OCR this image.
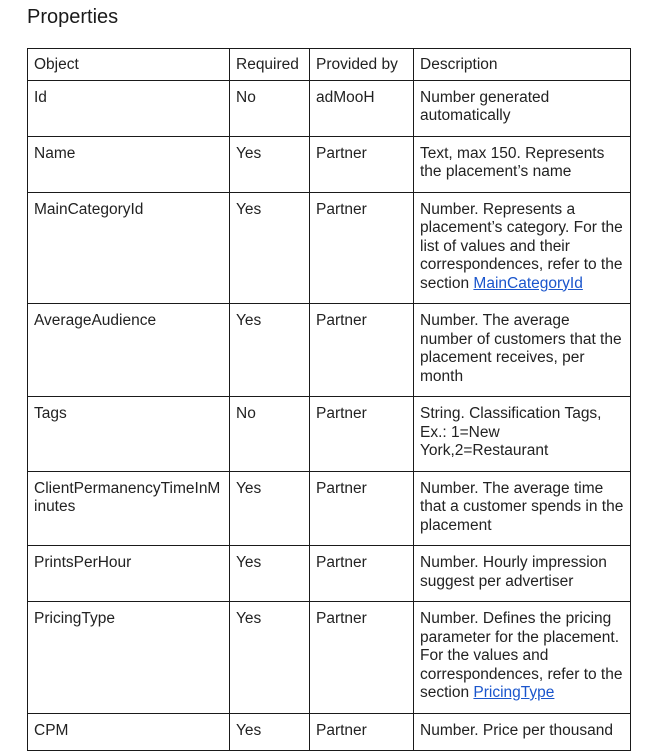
Properties
Object	Required	Provided by	Description
Id	No	adMooH	Number generated automatically
Name	Yes	Partner	Text, max 150. Represents the placement’s name
MainCategoryId	Yes	Partner	Number. Represents a placement’s category. For the list of values and their correspondences, refer to the section MainCategoryId
AverageAudience	Yes	Partner	Number. The average number of customers that the placement receives, per month
Tags	No	Partner	String. Classification Tags, Ex.: 1=New York,2=Restaurant
ClientPermanencyTimeInMinutes	Yes	Partner	Number. The average time that a customer spends in the placement
PrintsPerHour	Yes	Partner	Number. Hourly impression suggest per advertiser
PricingType	Yes	Partner	Number. Defines the pricing parameter for the placement. For the values and correspondences, refer to the section PricingType
CPM	Yes	Partner	Number. Price per thousand
